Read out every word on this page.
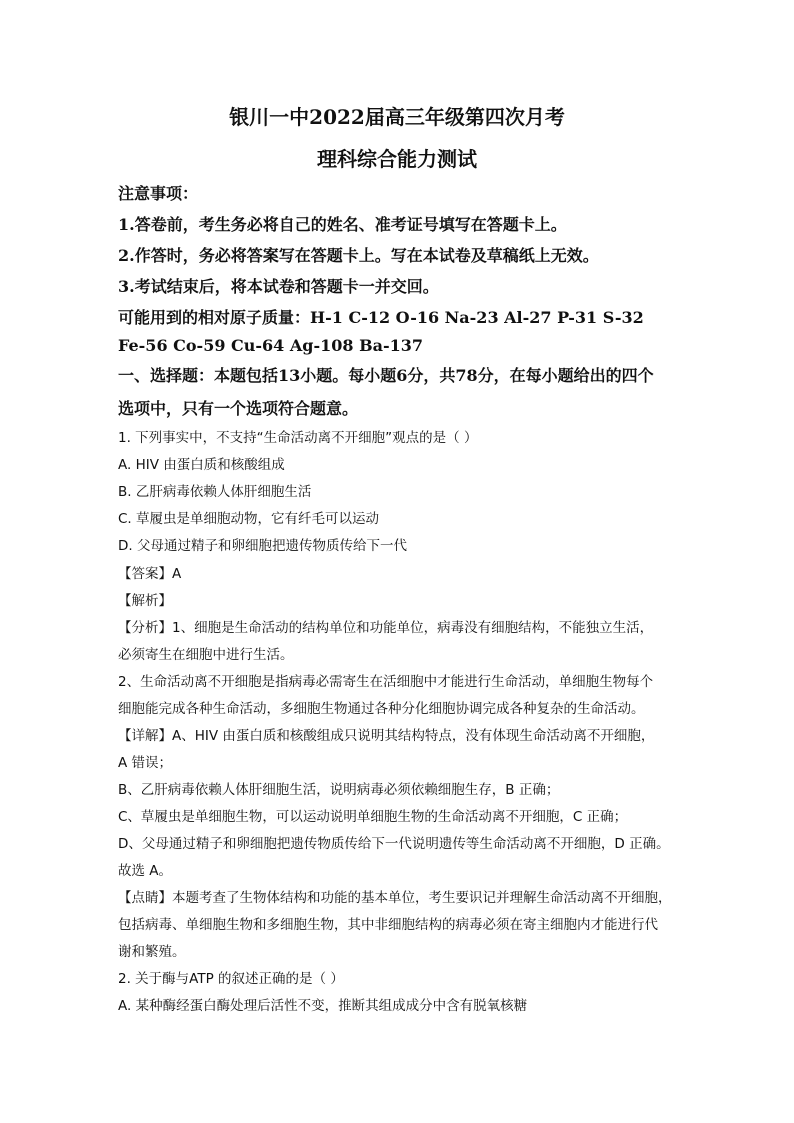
银川一中2022届高三年级第四次月考
理科综合能力测试
注意事项：
1.答卷前，考生务必将自己的姓名、准考证号填写在答题卡上。
2.作答时，务必将答案写在答题卡上。写在本试卷及草稿纸上无效。
3.考试结束后，将本试卷和答题卡一并交回。
可能用到的相对原子质量：H-1 C-12 O-16 Na-23 Al-27 P-31 S-32
Fe-56 Co-59 Cu-64 Ag-108 Ba-137
一、选择题：本题包括13小题。每小题6分，共78分，在每小题给出的四个
选项中，只有一个选项符合题意。
1. 下列事实中，不支持“生命活动离不开细胞”观点的是（ ）
A. HIV 由蛋白质和核酸组成
B. 乙肝病毒依赖人体肝细胞生活
C. 草履虫是单细胞动物，它有纤毛可以运动
D. 父母通过精子和卵细胞把遗传物质传给下一代
【答案】A
【解析】
【分析】1、细胞是生命活动的结构单位和功能单位，病毒没有细胞结构，不能独立生活，
必须寄生在细胞中进行生活。
2、生命活动离不开细胞是指病毒必需寄生在活细胞中才能进行生命活动，单细胞生物每个
细胞能完成各种生命活动，多细胞生物通过各种分化细胞协调完成各种复杂的生命活动。
【详解】A、HIV 由蛋白质和核酸组成只说明其结构特点，没有体现生命活动离不开细胞，
A 错误；
B、乙肝病毒依赖人体肝细胞生活，说明病毒必须依赖细胞生存，B 正确；
C、草履虫是单细胞生物，可以运动说明单细胞生物的生命活动离不开细胞，C 正确；
D、父母通过精子和卵细胞把遗传物质传给下一代说明遗传等生命活动离不开细胞，D 正确。
故选 A。
【点睛】本题考查了生物体结构和功能的基本单位，考生要识记并理解生命活动离不开细胞，
包括病毒、单细胞生物和多细胞生物，其中非细胞结构的病毒必须在寄主细胞内才能进行代
谢和繁殖。
2. 关于酶与ATP 的叙述正确的是（ ）
A. 某种酶经蛋白酶处理后活性不变，推断其组成成分中含有脱氧核糖
